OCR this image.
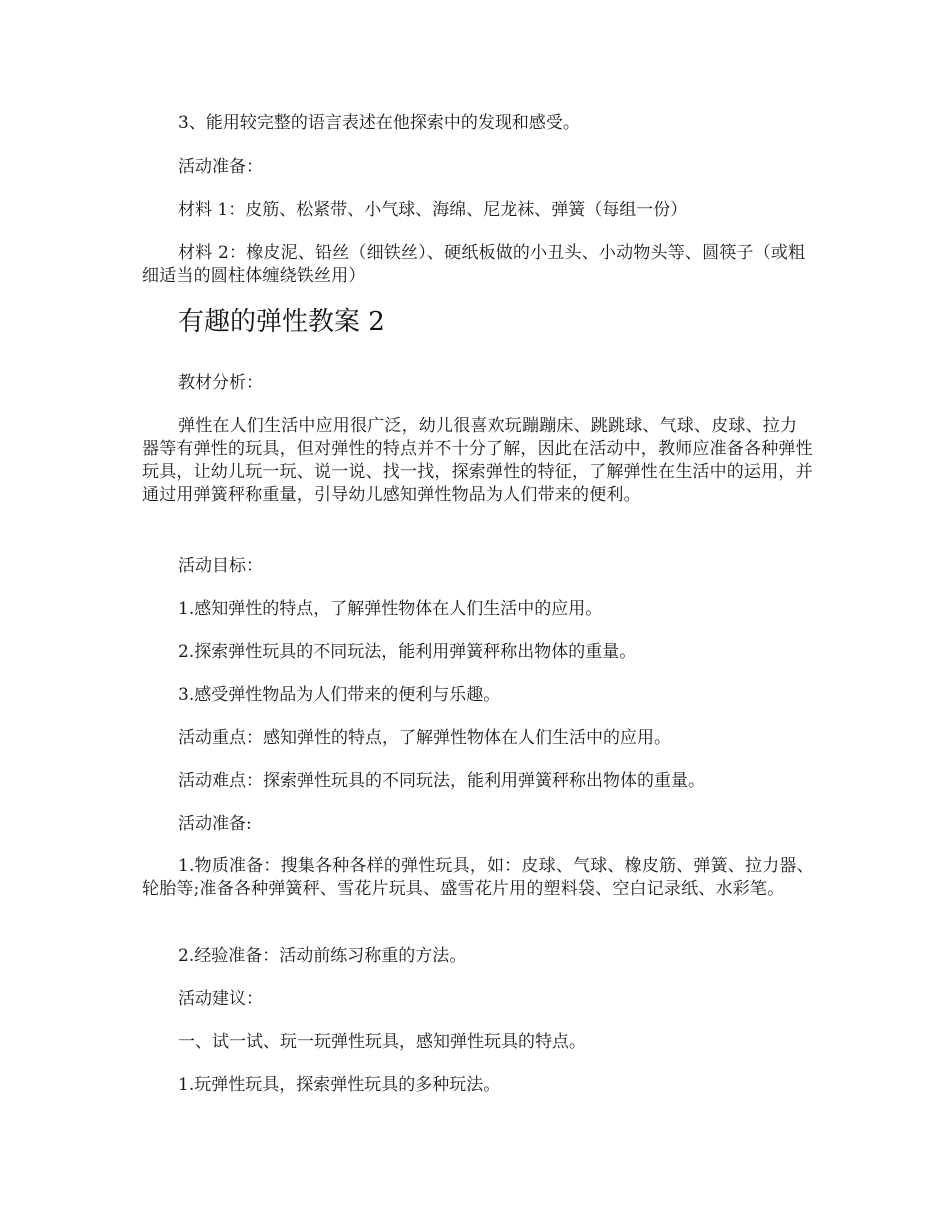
3、能用较完整的语言表述在他探索中的发现和感受。
活动准备：
材料 1：皮筋、松紧带、小气球、海绵、尼龙袜、弹簧（每组一份）
材料 2：橡皮泥、铅丝（细铁丝）、硬纸板做的小丑头、小动物头等、圆筷子（或粗细适当的圆柱体缠绕铁丝用）
有趣的弹性教案 2
教材分析：
弹性在人们生活中应用很广泛，幼儿很喜欢玩蹦蹦床、跳跳球、气球、皮球、拉力器等有弹性的玩具，但对弹性的特点并不十分了解，因此在活动中，教师应准备各种弹性玩具，让幼儿玩一玩、说一说、找一找，探索弹性的特征，了解弹性在生活中的运用，并通过用弹簧秤称重量，引导幼儿感知弹性物品为人们带来的便利。
活动目标：
1.感知弹性的特点，了解弹性物体在人们生活中的应用。
2.探索弹性玩具的不同玩法，能利用弹簧秤称出物体的重量。
3.感受弹性物品为人们带来的便利与乐趣。
活动重点：感知弹性的特点，了解弹性物体在人们生活中的应用。
活动难点：探索弹性玩具的不同玩法，能利用弹簧秤称出物体的重量。
活动准备:
1.物质准备：搜集各种各样的弹性玩具，如：皮球、气球、橡皮筋、弹簧、拉力器、轮胎等;准备各种弹簧秤、雪花片玩具、盛雪花片用的塑料袋、空白记录纸、水彩笔。
2.经验准备：活动前练习称重的方法。
活动建议：
一、试一试、玩一玩弹性玩具，感知弹性玩具的特点。
1.玩弹性玩具，探索弹性玩具的多种玩法。
